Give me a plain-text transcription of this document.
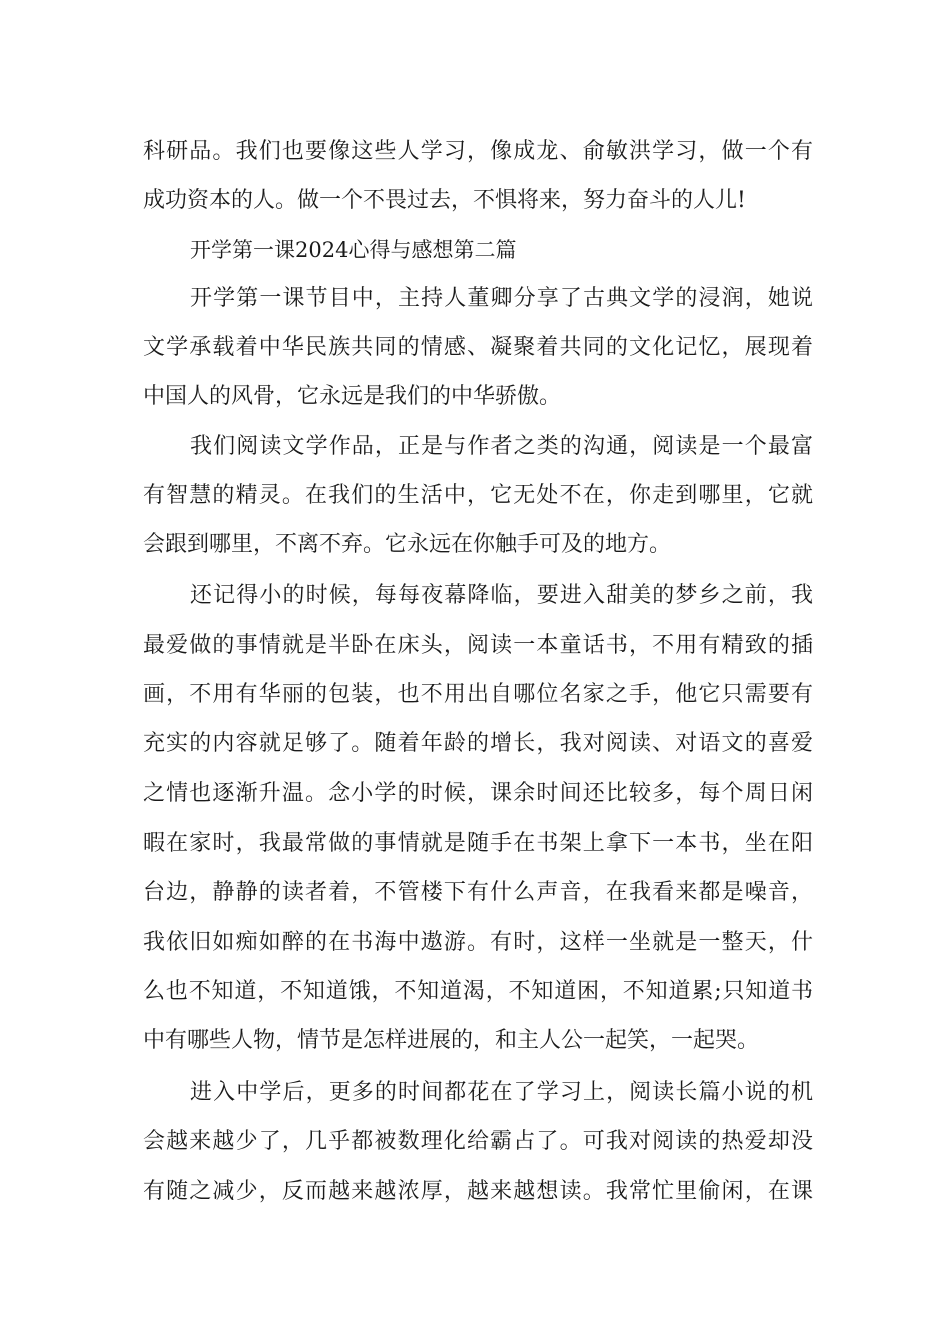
科研品。我们也要像这些人学习，像成龙、俞敏洪学习，做一个有
成功资本的人。做一个不畏过去，不惧将来，努力奋斗的人儿!
开学第一课2024心得与感想第二篇
开学第一课节目中，主持人董卿分享了古典文学的浸润，她说
文学承载着中华民族共同的情感、凝聚着共同的文化记忆，展现着
中国人的风骨，它永远是我们的中华骄傲。
我们阅读文学作品，正是与作者之类的沟通，阅读是一个最富
有智慧的精灵。在我们的生活中，它无处不在，你走到哪里，它就
会跟到哪里，不离不弃。它永远在你触手可及的地方。
还记得小的时候，每每夜幕降临，要进入甜美的梦乡之前，我
最爱做的事情就是半卧在床头，阅读一本童话书，不用有精致的插
画，不用有华丽的包装，也不用出自哪位名家之手，他它只需要有
充实的内容就足够了。随着年龄的增长，我对阅读、对语文的喜爱
之情也逐渐升温。念小学的时候，课余时间还比较多，每个周日闲
暇在家时，我最常做的事情就是随手在书架上拿下一本书，坐在阳
台边，静静的读者着，不管楼下有什么声音，在我看来都是噪音，
我依旧如痴如醉的在书海中遨游。有时，这样一坐就是一整天，什
么也不知道，不知道饿，不知道渴，不知道困，不知道累;只知道书
中有哪些人物，情节是怎样进展的，和主人公一起笑，一起哭。
进入中学后，更多的时间都花在了学习上，阅读长篇小说的机
会越来越少了，几乎都被数理化给霸占了。可我对阅读的热爱却没
有随之减少，反而越来越浓厚，越来越想读。我常忙里偷闲，在课
